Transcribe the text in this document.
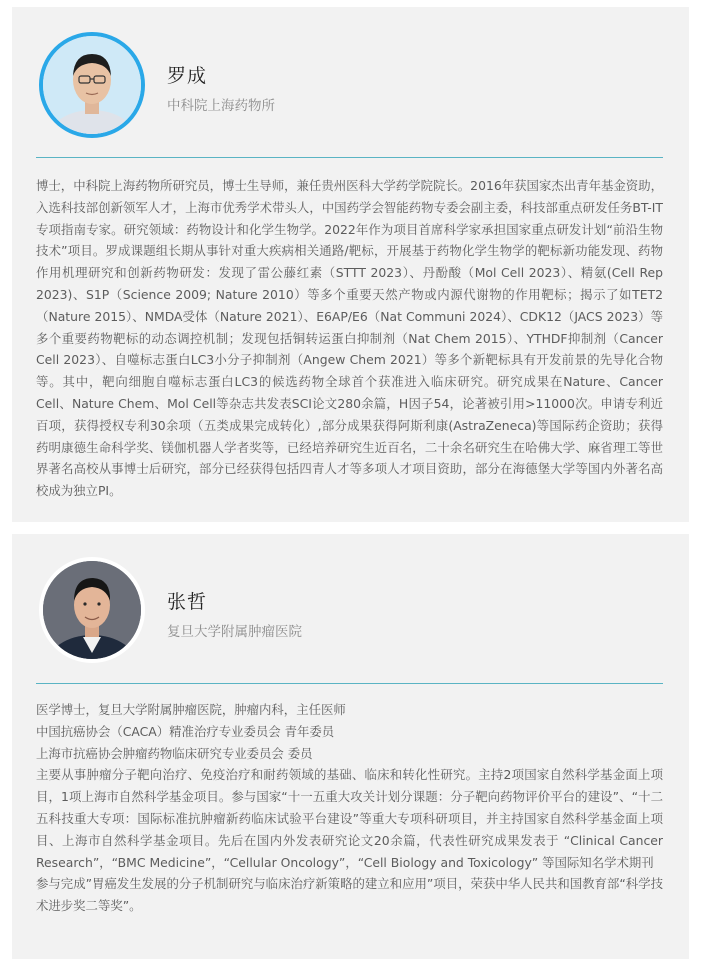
罗成
中科院上海药物所

博士，中科院上海药物所研究员，博士生导师，兼任贵州医科大学药学院院长。2016年获国家杰出青年基金资助，入选科技部创新领军人才，上海市优秀学术带头人，中国药学会智能药物专委会副主委，科技部重点研发任务BT-IT专项指南专家。研究领域：药物设计和化学生物学。2022年作为项目首席科学家承担国家重点研发计划“前沿生物技术”项目。罗成课题组长期从事针对重大疾病相关通路/靶标，开展基于药物化学生物学的靶标新功能发现、药物作用机理研究和创新药物研发：发现了雷公藤红素（STTT 2023）、丹酚酸（Mol Cell 2023）、精氨(Cell Rep 2023)、S1P（Science 2009; Nature 2010）等多个重要天然产物或内源代谢物的作用靶标；揭示了如TET2（Nature 2015）、NMDA受体（Nature 2021）、E6AP/E6（Nat Communi 2024）、CDK12（JACS 2023）等多个重要药物靶标的动态调控机制；发现包括铜转运蛋白抑制剂（Nat Chem 2015）、YTHDF抑制剂（Cancer Cell 2023）、自噬标志蛋白LC3小分子抑制剂（Angew Chem 2021）等多个新靶标具有开发前景的先导化合物等。其中，靶向细胞自噬标志蛋白LC3的候选药物全球首个获准进入临床研究。研究成果在Nature、Cancer Cell、Nature Chem、Mol Cell等杂志共发表SCI论文280余篇，H因子54，论著被引用>11000次。申请专利近百项，获得授权专利30余项（五类成果完成转化）,部分成果获得阿斯利康(AstraZeneca)等国际药企资助；获得药明康德生命科学奖、镁伽机器人学者奖等，已经培养研究生近百名，二十余名研究生在哈佛大学、麻省理工等世界著名高校从事博士后研究，部分已经获得包括四青人才等多项人才项目资助，部分在海德堡大学等国内外著名高校成为独立PI。

张哲
复旦大学附属肿瘤医院

医学博士，复旦大学附属肿瘤医院，肿瘤内科，主任医师

中国抗癌协会（CACA）精准治疗专业委员会 青年委员

上海市抗癌协会肿瘤药物临床研究专业委员会 委员

主要从事肿瘤分子靶向治疗、免疫治疗和耐药领域的基础、临床和转化性研究。主持2项国家自然科学基金面上项目，1项上海市自然科学基金项目。参与国家“十一五重大攻关计划分课题：分子靶向药物评价平台的建设”、“十二五科技重大专项：国际标准抗肿瘤新药临床试验平台建设”等重大专项科研项目，并主持国家自然科学基金面上项目、上海市自然科学基金项目。先后在国内外发表研究论文20余篇，代表性研究成果发表于 “Clinical Cancer Research”，“BMC Medicine”，“Cellular Oncology”，“Cell Biology and Toxicology” 等国际知名学术期刊

参与完成”胃癌发生发展的分子机制研究与临床治疗新策略的建立和应用”项目，荣获中华人民共和国教育部“科学技术进步奖二等奖”。
